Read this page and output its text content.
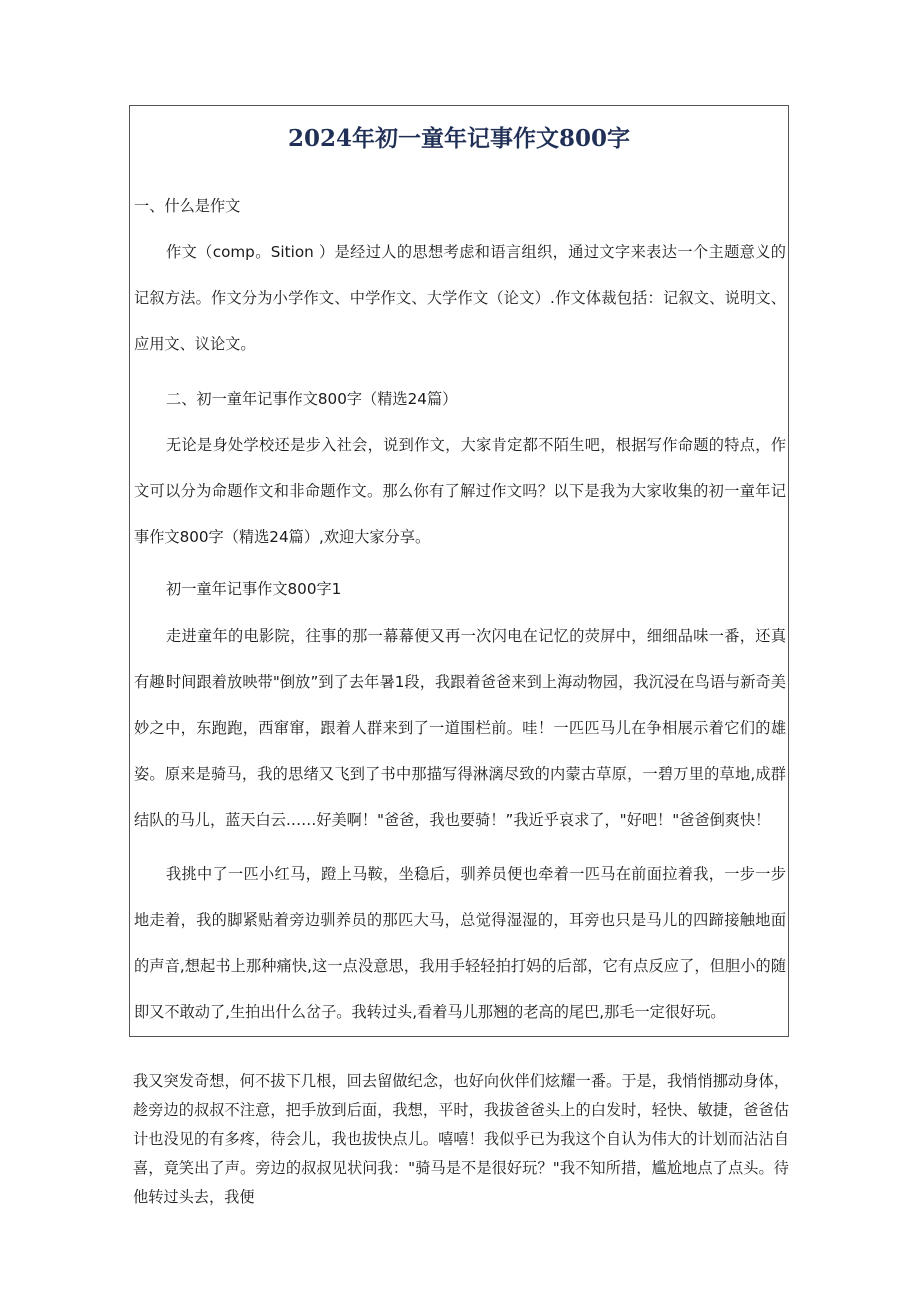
2024年初一童年记事作文800字

一、什么是作文

作文（comp。Sition ）是经过人的思想考虑和语言组织，通过文字来表达一个主题意义的记叙方法。作文分为小学作文、中学作文、大学作文（论文）.作文体裁包括：记叙文、说明文、应用文、议论文。

二、初一童年记事作文800字（精选24篇）

无论是身处学校还是步入社会，说到作文，大家肯定都不陌生吧，根据写作命题的特点，作文可以分为命题作文和非命题作文。那么你有了解过作文吗？以下是我为大家收集的初一童年记事作文800字（精选24篇）,欢迎大家分享。

初一童年记事作文800字1

走进童年的电影院，往事的那一幕幕便又再一次闪电在记忆的荧屏中，细细品味一番，还真有趣！

时间跟着放映带"倒放”到了去年暑1段，我跟着爸爸来到上海动物园，我沉浸在鸟语与新奇美妙之中，东跑跑，西窜窜，跟着人群来到了一道围栏前。哇！一匹匹马儿在争相展示着它们的雄姿。原来是骑马，我的思绪又飞到了书中那描写得淋漓尽致的内蒙古草原，一碧万里的草地,成群结队的马儿，蓝天白云……好美啊！"爸爸，我也要骑！”我近乎哀求了，"好吧！"爸爸倒爽快！

我挑中了一匹小红马，蹬上马鞍，坐稳后，驯养员便也牵着一匹马在前面拉着我，一步一步地走着，我的脚紧贴着旁边驯养员的那匹大马，总觉得湿湿的，耳旁也只是马儿的四蹄接触地面的声音,想起书上那种痛快,这一点没意思，我用手轻轻拍打妈的后部，它有点反应了，但胆小的随即又不敢动了,生拍出什么岔子。我转过头,看着马儿那翘的老高的尾巴,那毛一定很好玩。

我又突发奇想，何不拔下几根，回去留做纪念，也好向伙伴们炫耀一番。于是，我悄悄挪动身体，趁旁边的叔叔不注意，把手放到后面，我想，平时，我拔爸爸头上的白发时，轻快、敏捷，爸爸估计也没见的有多疼，待会儿，我也拔快点儿。嘻嘻！我似乎已为我这个自认为伟大的计划而沾沾自喜，竟笑出了声。旁边的叔叔见状问我："骑马是不是很好玩？"我不知所措，尴尬地点了点头。待他转过头去，我便
